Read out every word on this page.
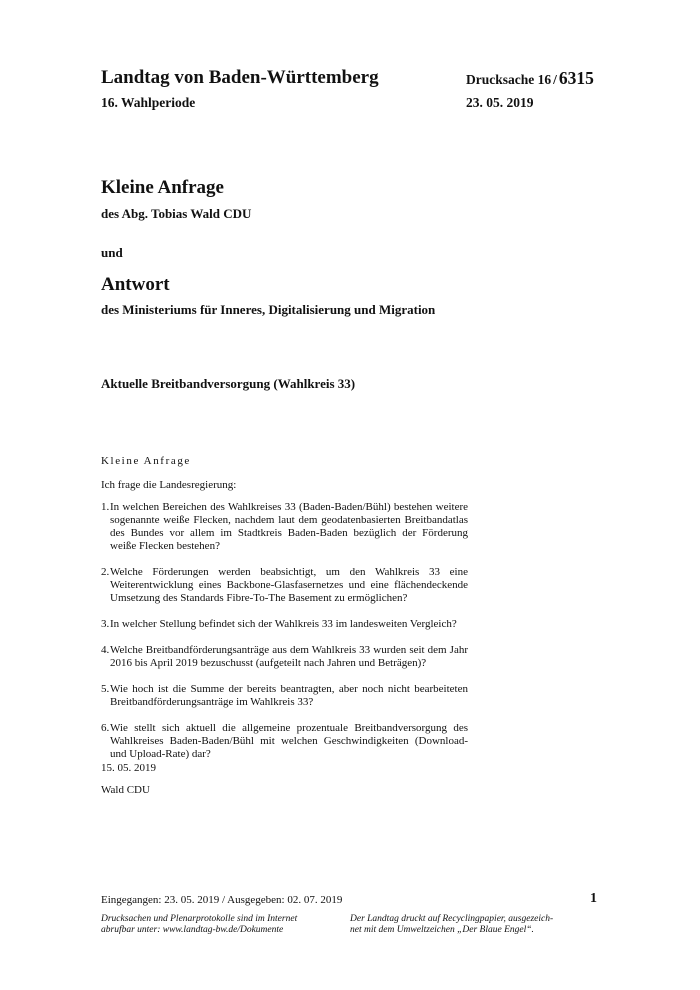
Landtag von Baden-Württemberg
16. Wahlperiode
Drucksache 16 / 6315
23. 05. 2019
Kleine Anfrage
des Abg. Tobias Wald CDU
und
Antwort
des Ministeriums für Inneres, Digitalisierung und Migration
Aktuelle Breitbandversorgung (Wahlkreis 33)
Kleine Anfrage
Ich frage die Landesregierung:
1. In welchen Bereichen des Wahlkreises 33 (Baden-Baden/Bühl) bestehen weitere sogenannte weiße Flecken, nachdem laut dem geodatenbasierten Breitbandatlas des Bundes vor allem im Stadtkreis Baden-Baden bezüglich der Förderung weiße Flecken bestehen?
2. Welche Förderungen werden beabsichtigt, um den Wahlkreis 33 eine Weiterentwicklung eines Backbone-Glasfasernetzes und eine flächendeckende Umsetzung des Standards Fibre-To-The Basement zu ermöglichen?
3. In welcher Stellung befindet sich der Wahlkreis 33 im landesweiten Vergleich?
4. Welche Breitbandförderungsanträge aus dem Wahlkreis 33 wurden seit dem Jahr 2016 bis April 2019 bezuschusst (aufgeteilt nach Jahren und Beträgen)?
5. Wie hoch ist die Summe der bereits beantragten, aber noch nicht bearbeiteten Breitbandförderungsanträge im Wahlkreis 33?
6. Wie stellt sich aktuell die allgemeine prozentuale Breitbandversorgung des Wahlkreises Baden-Baden/Bühl mit welchen Geschwindigkeiten (Download- und Upload-Rate) dar?
15. 05. 2019
Wald CDU
Eingegangen: 23. 05. 2019 / Ausgegeben: 02. 07. 2019	1
Drucksachen und Plenarprotokolle sind im Internet
abrufbar unter: www.landtag-bw.de/Dokumente
Der Landtag druckt auf Recyclingpapier, ausgezeich-
net mit dem Umweltzeichen „Der Blaue Engel“.
